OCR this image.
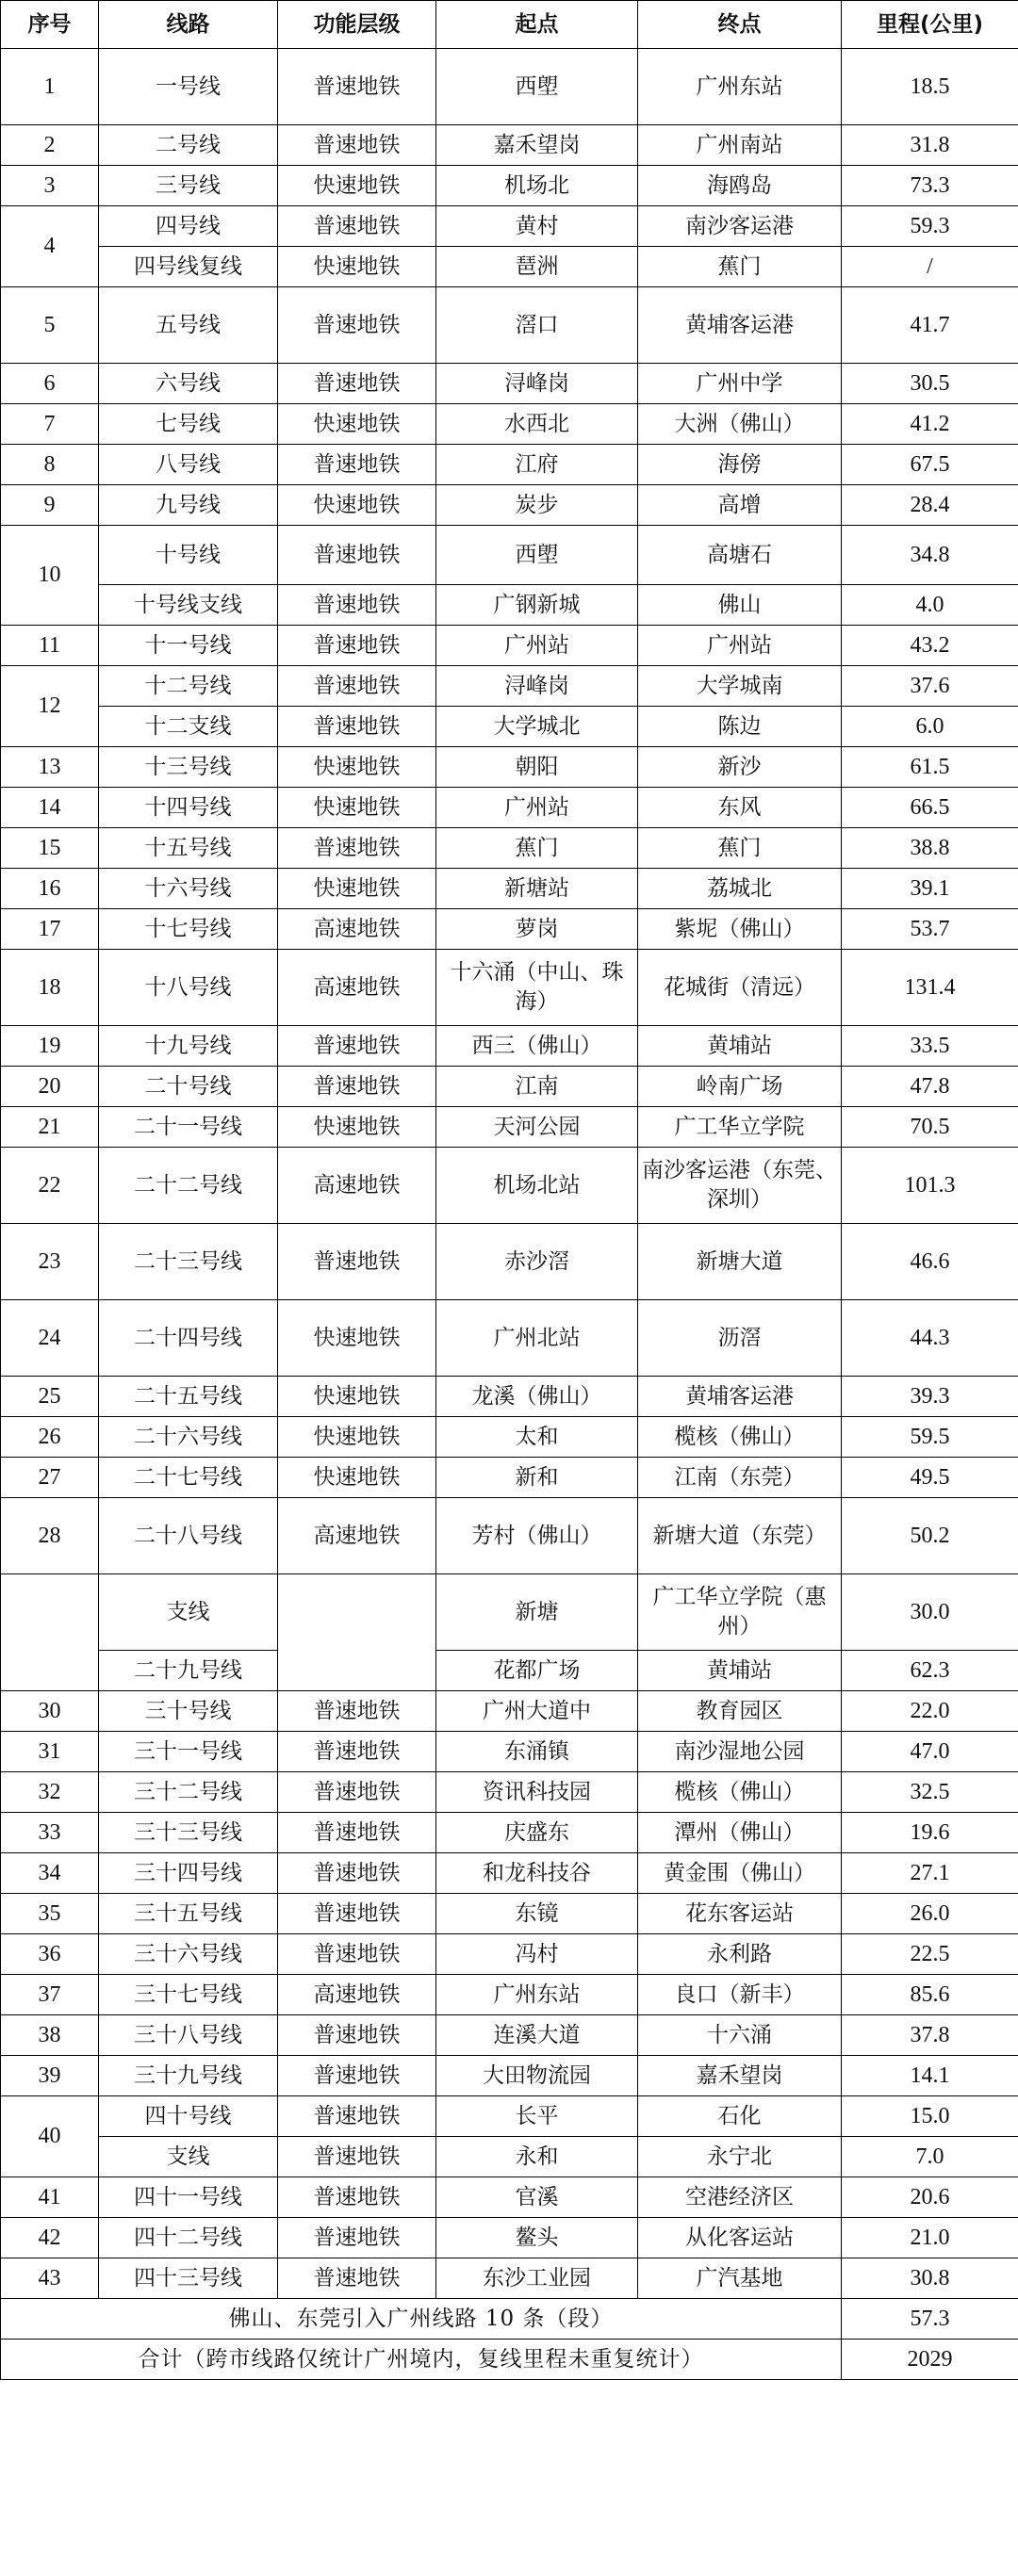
序号	线路	功能层级	起点	终点	里程(公里)
1	一号线	普速地铁	西塱	广州东站	18.5
2	二号线	普速地铁	嘉禾望岗	广州南站	31.8
3	三号线	快速地铁	机场北	海鸥岛	73.3
4	四号线	普速地铁	黄村	南沙客运港	59.3
	四号线复线	快速地铁	琶洲	蕉门	/
5	五号线	普速地铁	滘口	黄埔客运港	41.7
6	六号线	普速地铁	浔峰岗	广州中学	30.5
7	七号线	快速地铁	水西北	大洲（佛山）	41.2
8	八号线	普速地铁	江府	海傍	67.5
9	九号线	快速地铁	炭步	高增	28.4
10	十号线	普速地铁	西塱	高塘石	34.8
	十号线支线	普速地铁	广钢新城	佛山	4.0
11	十一号线	普速地铁	广州站	广州站	43.2
12	十二号线	普速地铁	浔峰岗	大学城南	37.6
	十二支线	普速地铁	大学城北	陈边	6.0
13	十三号线	快速地铁	朝阳	新沙	61.5
14	十四号线	快速地铁	广州站	东风	66.5
15	十五号线	普速地铁	蕉门	蕉门	38.8
16	十六号线	快速地铁	新塘站	荔城北	39.1
17	十七号线	高速地铁	萝岗	紫坭（佛山）	53.7
18	十八号线	高速地铁	十六涌（中山、珠海）	花城街（清远）	131.4
19	十九号线	普速地铁	西三（佛山）	黄埔站	33.5
20	二十号线	普速地铁	江南	岭南广场	47.8
21	二十一号线	快速地铁	天河公园	广工华立学院	70.5
22	二十二号线	高速地铁	机场北站	南沙客运港（东莞、深圳）	101.3
23	二十三号线	普速地铁	赤沙滘	新塘大道	46.6
24	二十四号线	快速地铁	广州北站	沥滘	44.3
25	二十五号线	快速地铁	龙溪（佛山）	黄埔客运港	39.3
26	二十六号线	快速地铁	太和	榄核（佛山）	59.5
27	二十七号线	快速地铁	新和	江南（东莞）	49.5
28	二十八号线	高速地铁	芳村（佛山）	新塘大道（东莞）	50.2
	支线		新塘	广工华立学院（惠州）	30.0
	二十九号线		花都广场	黄埔站	62.3
30	三十号线	普速地铁	广州大道中	教育园区	22.0
31	三十一号线	普速地铁	东涌镇	南沙湿地公园	47.0
32	三十二号线	普速地铁	资讯科技园	榄核（佛山）	32.5
33	三十三号线	普速地铁	庆盛东	潭州（佛山）	19.6
34	三十四号线	普速地铁	和龙科技谷	黄金围（佛山）	27.1
35	三十五号线	普速地铁	东镜	花东客运站	26.0
36	三十六号线	普速地铁	冯村	永利路	22.5
37	三十七号线	高速地铁	广州东站	良口（新丰）	85.6
38	三十八号线	普速地铁	连溪大道	十六涌	37.8
39	三十九号线	普速地铁	大田物流园	嘉禾望岗	14.1
40	四十号线	普速地铁	长平	石化	15.0
	支线	普速地铁	永和	永宁北	7.0
41	四十一号线	普速地铁	官溪	空港经济区	20.6
42	四十二号线	普速地铁	鳌头	从化客运站	21.0
43	四十三号线	普速地铁	东沙工业园	广汽基地	30.8
佛山、东莞引入广州线路 10 条（段）					57.3
合计（跨市线路仅统计广州境内，复线里程未重复统计）					2029
